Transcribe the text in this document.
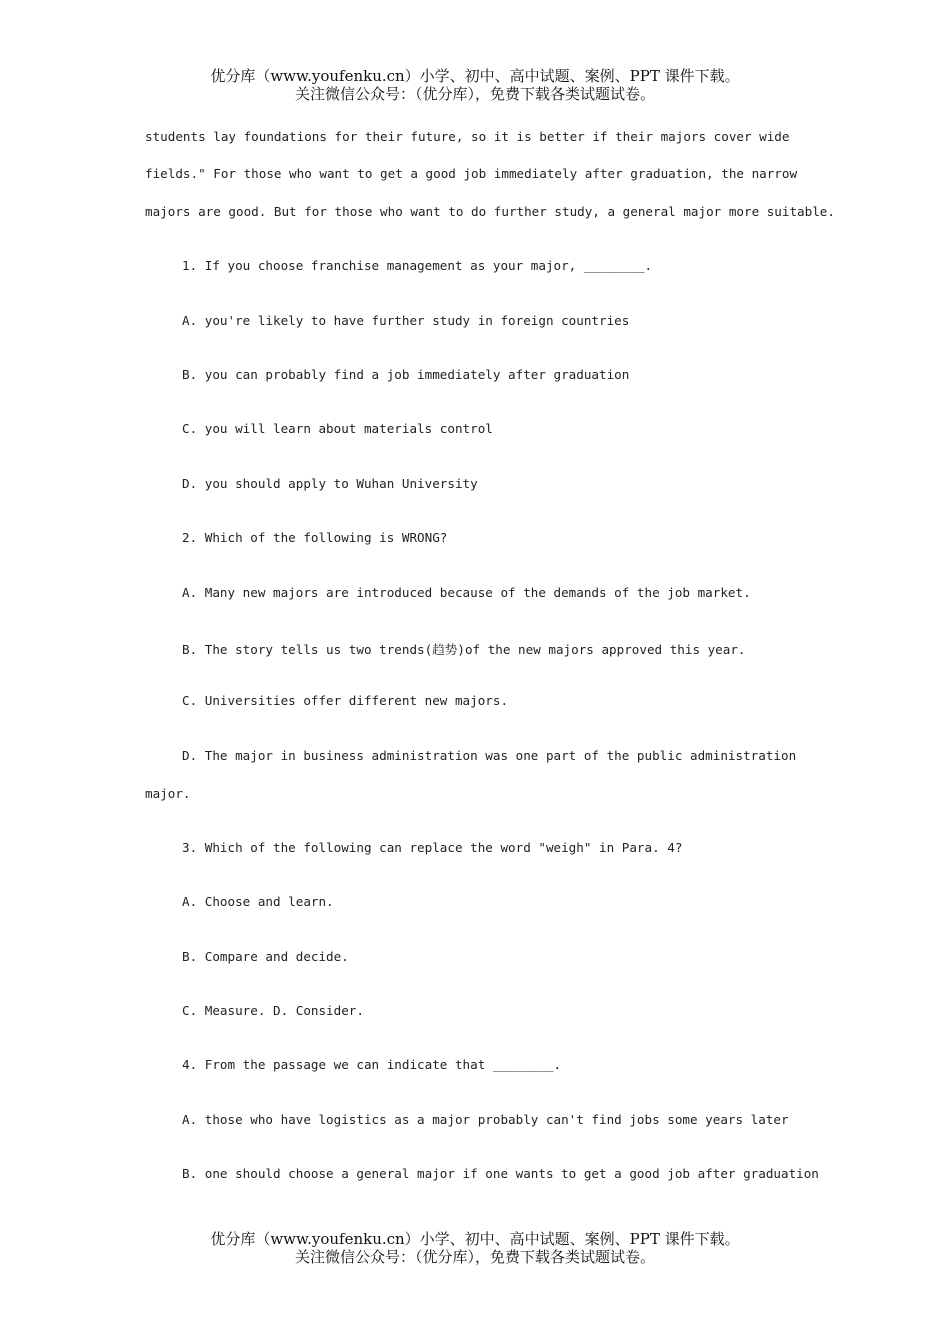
优分库（www.youfenku.cn）小学、初中、高中试题、案例、PPT 课件下载。
关注微信公众号：（优分库），免费下载各类试题试卷。
students lay foundations for their future, so it is better if their majors cover wide
fields." For those who want to get a good job immediately after graduation, the narrow
majors are good. But for those who want to do further study, a general major more suitable.
1. If you choose franchise management as your major, ________.
A. you're likely to have further study in foreign countries
B. you can probably find a job immediately after graduation
C. you will learn about materials control
D. you should apply to Wuhan University
2. Which of the following is WRONG?
A. Many new majors are introduced because of the demands of the job market.
B. The story tells us two trends(趋势)of the new majors approved this year.
C. Universities offer different new majors.
D. The major in business administration was one part of the public administration
major.
3. Which of the following can replace the word "weigh" in Para. 4?
A. Choose and learn.
B. Compare and decide.
C. Measure. D. Consider.
4. From the passage we can indicate that ________.
A. those who have logistics as a major probably can't find jobs some years later
B. one should choose a general major if one wants to get a good job after graduation
优分库（www.youfenku.cn）小学、初中、高中试题、案例、PPT 课件下载。
关注微信公众号：（优分库），免费下载各类试题试卷。
